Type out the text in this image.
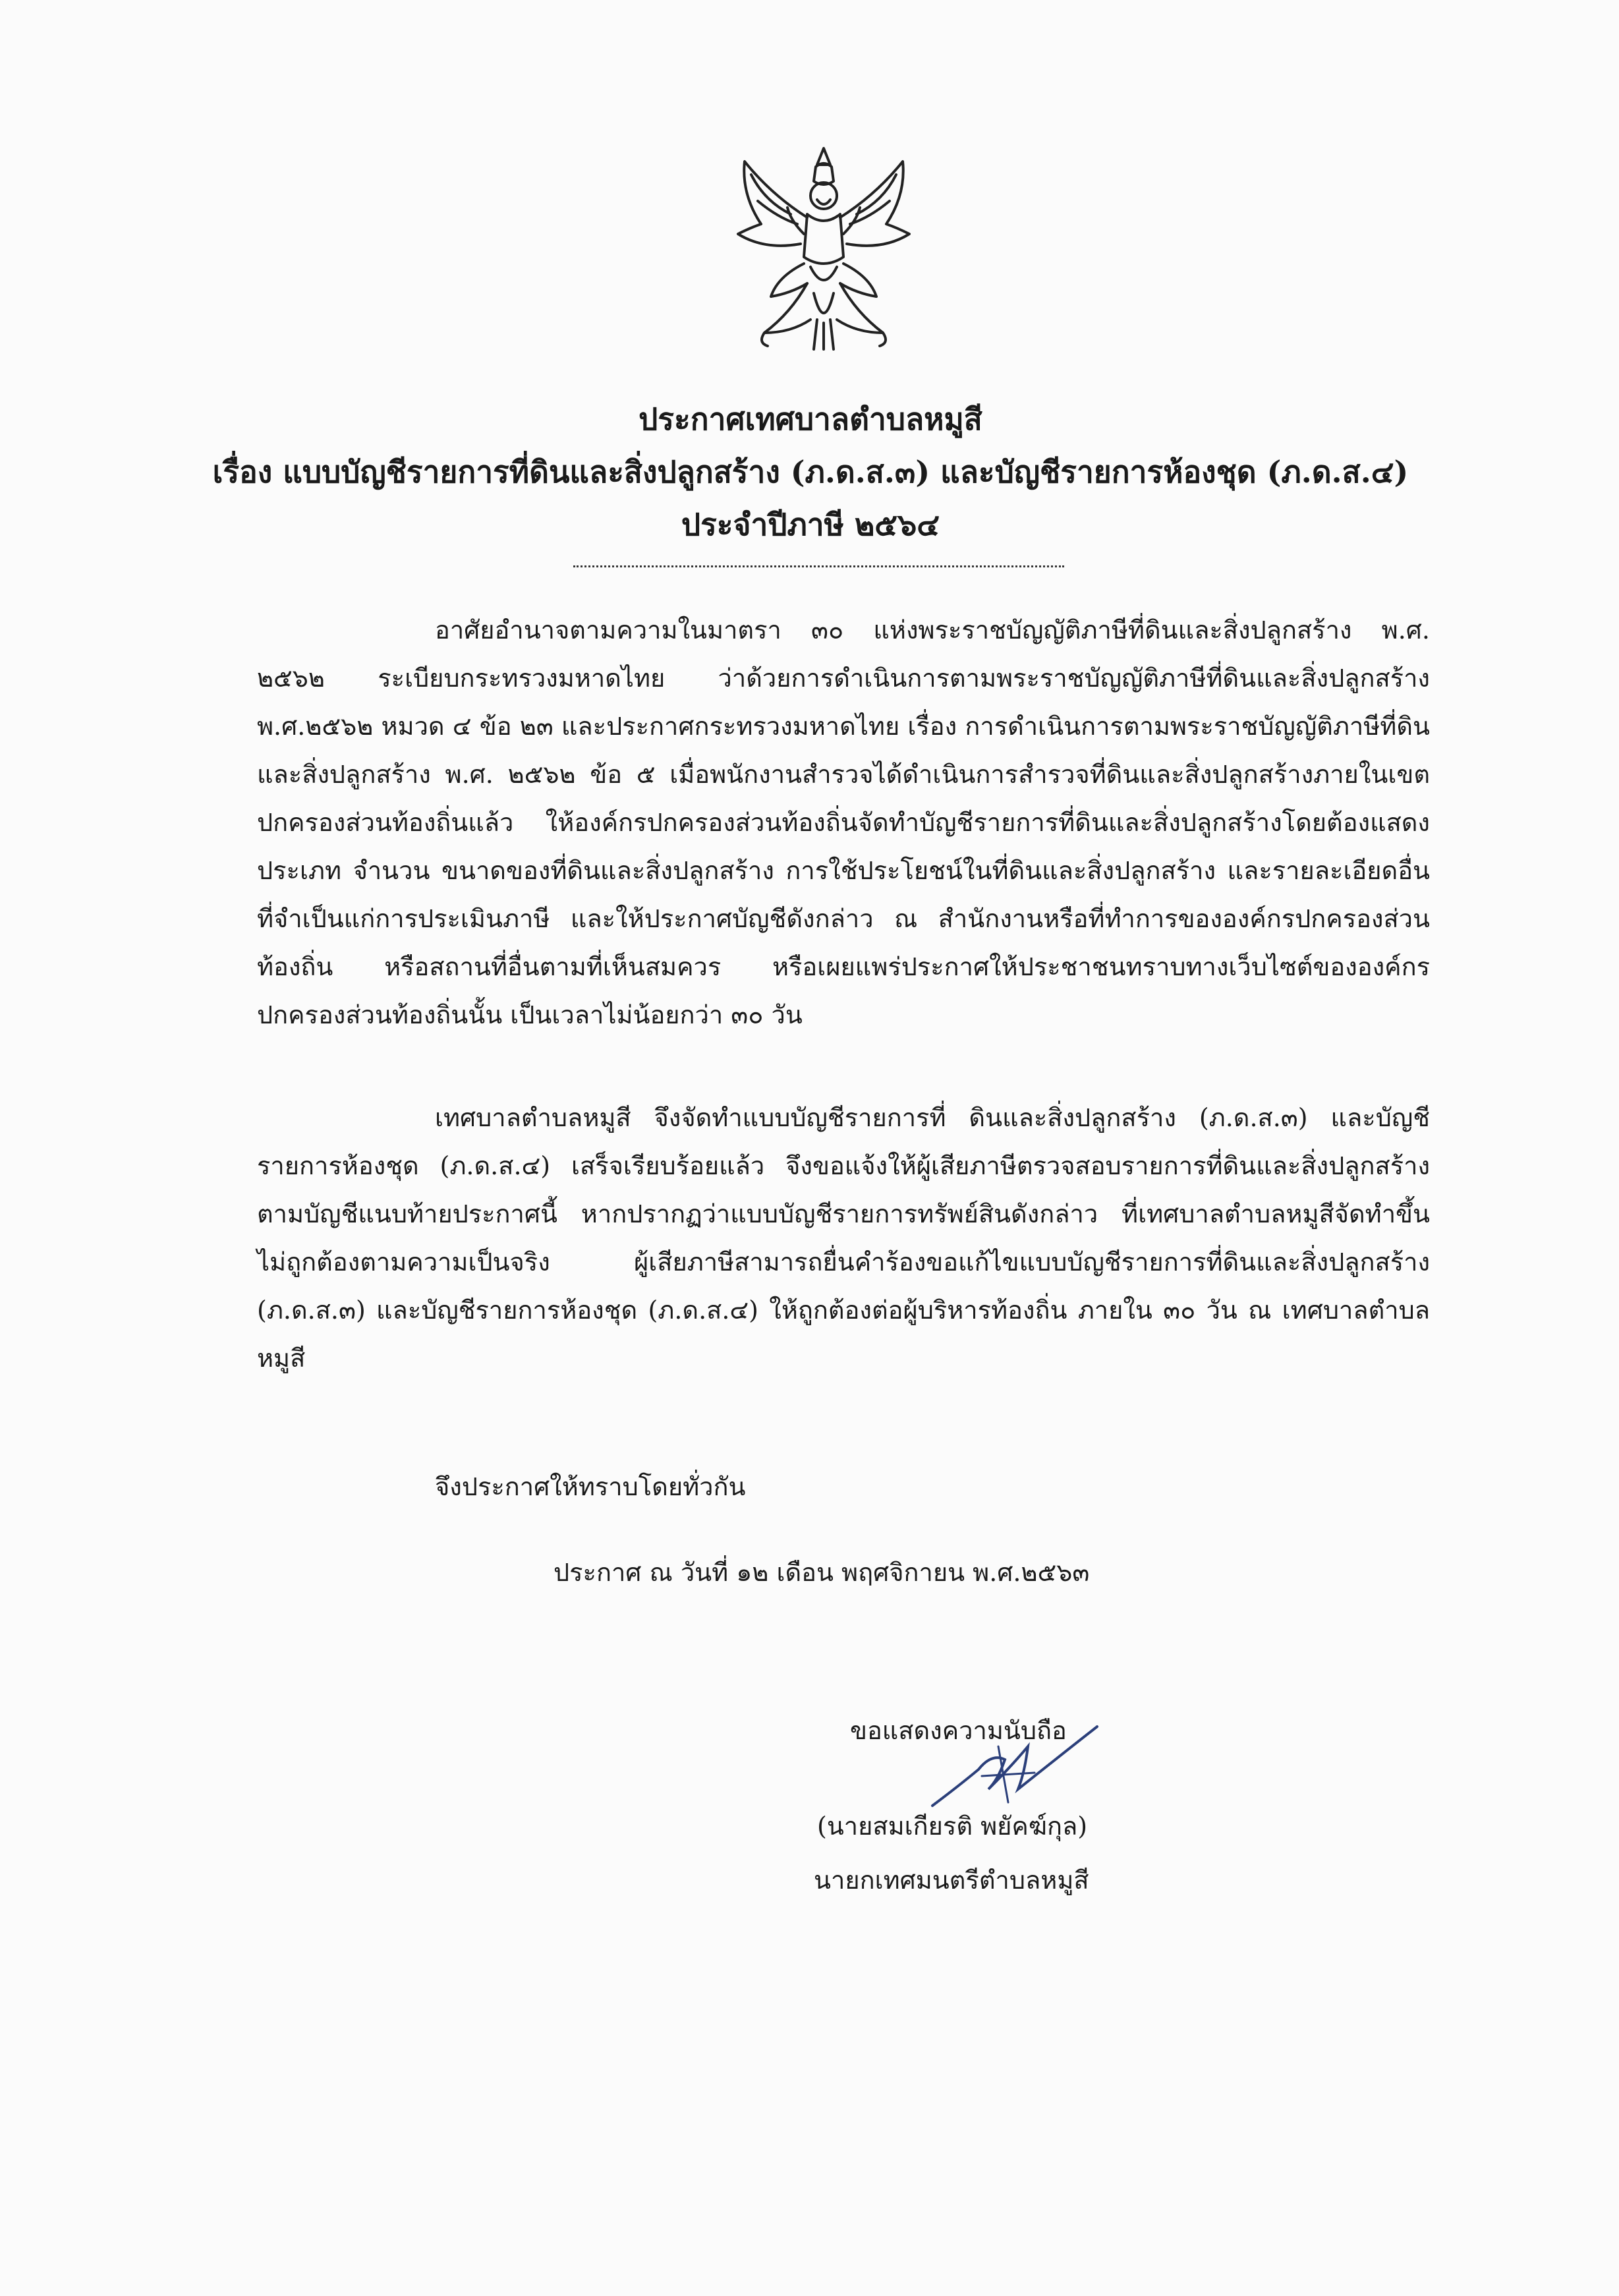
ประกาศเทศบาลตำบลหมูสี
เรื่อง แบบบัญชีรายการที่ดินและสิ่งปลูกสร้าง (ภ.ด.ส.๓) และบัญชีรายการห้องชุด (ภ.ด.ส.๔)
ประจำปีภาษี ๒๕๖๔

อาศัยอำนาจตามความในมาตรา ๓๐ แห่งพระราชบัญญัติภาษีที่ดินและสิ่งปลูกสร้าง พ.ศ. ๒๕๖๒ ระเบียบกระทรวงมหาดไทย ว่าด้วยการดำเนินการตามพระราชบัญญัติภาษีที่ดินและสิ่งปลูกสร้าง พ.ศ.๒๕๖๒ หมวด ๔ ข้อ ๒๓ และประกาศกระทรวงมหาดไทย เรื่อง การดำเนินการตามพระราชบัญญัติภาษีที่ดินและสิ่งปลูกสร้าง พ.ศ. ๒๕๖๒ ข้อ ๕ เมื่อพนักงานสำรวจได้ดำเนินการสำรวจที่ดินและสิ่งปลูกสร้างภายในเขตปกครองส่วนท้องถิ่นแล้ว ให้องค์กรปกครองส่วนท้องถิ่นจัดทำบัญชีรายการที่ดินและสิ่งปลูกสร้างโดยต้องแสดงประเภท จำนวน ขนาดของที่ดินและสิ่งปลูกสร้าง การใช้ประโยชน์ในที่ดินและสิ่งปลูกสร้าง และรายละเอียดอื่นที่จำเป็นแก่การประเมินภาษี และให้ประกาศบัญชีดังกล่าว ณ สำนักงานหรือที่ทำการขององค์กรปกครองส่วนท้องถิ่น หรือสถานที่อื่นตามที่เห็นสมควร หรือเผยแพร่ประกาศให้ประชาชนทราบทางเว็บไซต์ขององค์กรปกครองส่วนท้องถิ่นนั้น เป็นเวลาไม่น้อยกว่า ๓๐ วัน

เทศบาลตำบลหมูสี จึงจัดทำแบบบัญชีรายการที่ ดินและสิ่งปลูกสร้าง (ภ.ด.ส.๓) และบัญชีรายการห้องชุด (ภ.ด.ส.๔) เสร็จเรียบร้อยแล้ว จึงขอแจ้งให้ผู้เสียภาษีตรวจสอบรายการที่ดินและสิ่งปลูกสร้างตามบัญชีแนบท้ายประกาศนี้ หากปรากฏว่าแบบบัญชีรายการทรัพย์สินดังกล่าว ที่เทศบาลตำบลหมูสีจัดทำขึ้น ไม่ถูกต้องตามความเป็นจริง ผู้เสียภาษีสามารถยื่นคำร้องขอแก้ไขแบบบัญชีรายการที่ดินและสิ่งปลูกสร้าง (ภ.ด.ส.๓) และบัญชีรายการห้องชุด (ภ.ด.ส.๔) ให้ถูกต้องต่อผู้บริหารท้องถิ่น ภายใน ๓๐ วัน ณ เทศบาลตำบลหมูสี

จึงประกาศให้ทราบโดยทั่วกัน
ประกาศ ณ วันที่ ๑๒ เดือน พฤศจิกายน พ.ศ.๒๕๖๓
ขอแสดงความนับถือ
(นายสมเกียรติ พยัคฆ์กุล)
นายกเทศมนตรีตำบลหมูสี
